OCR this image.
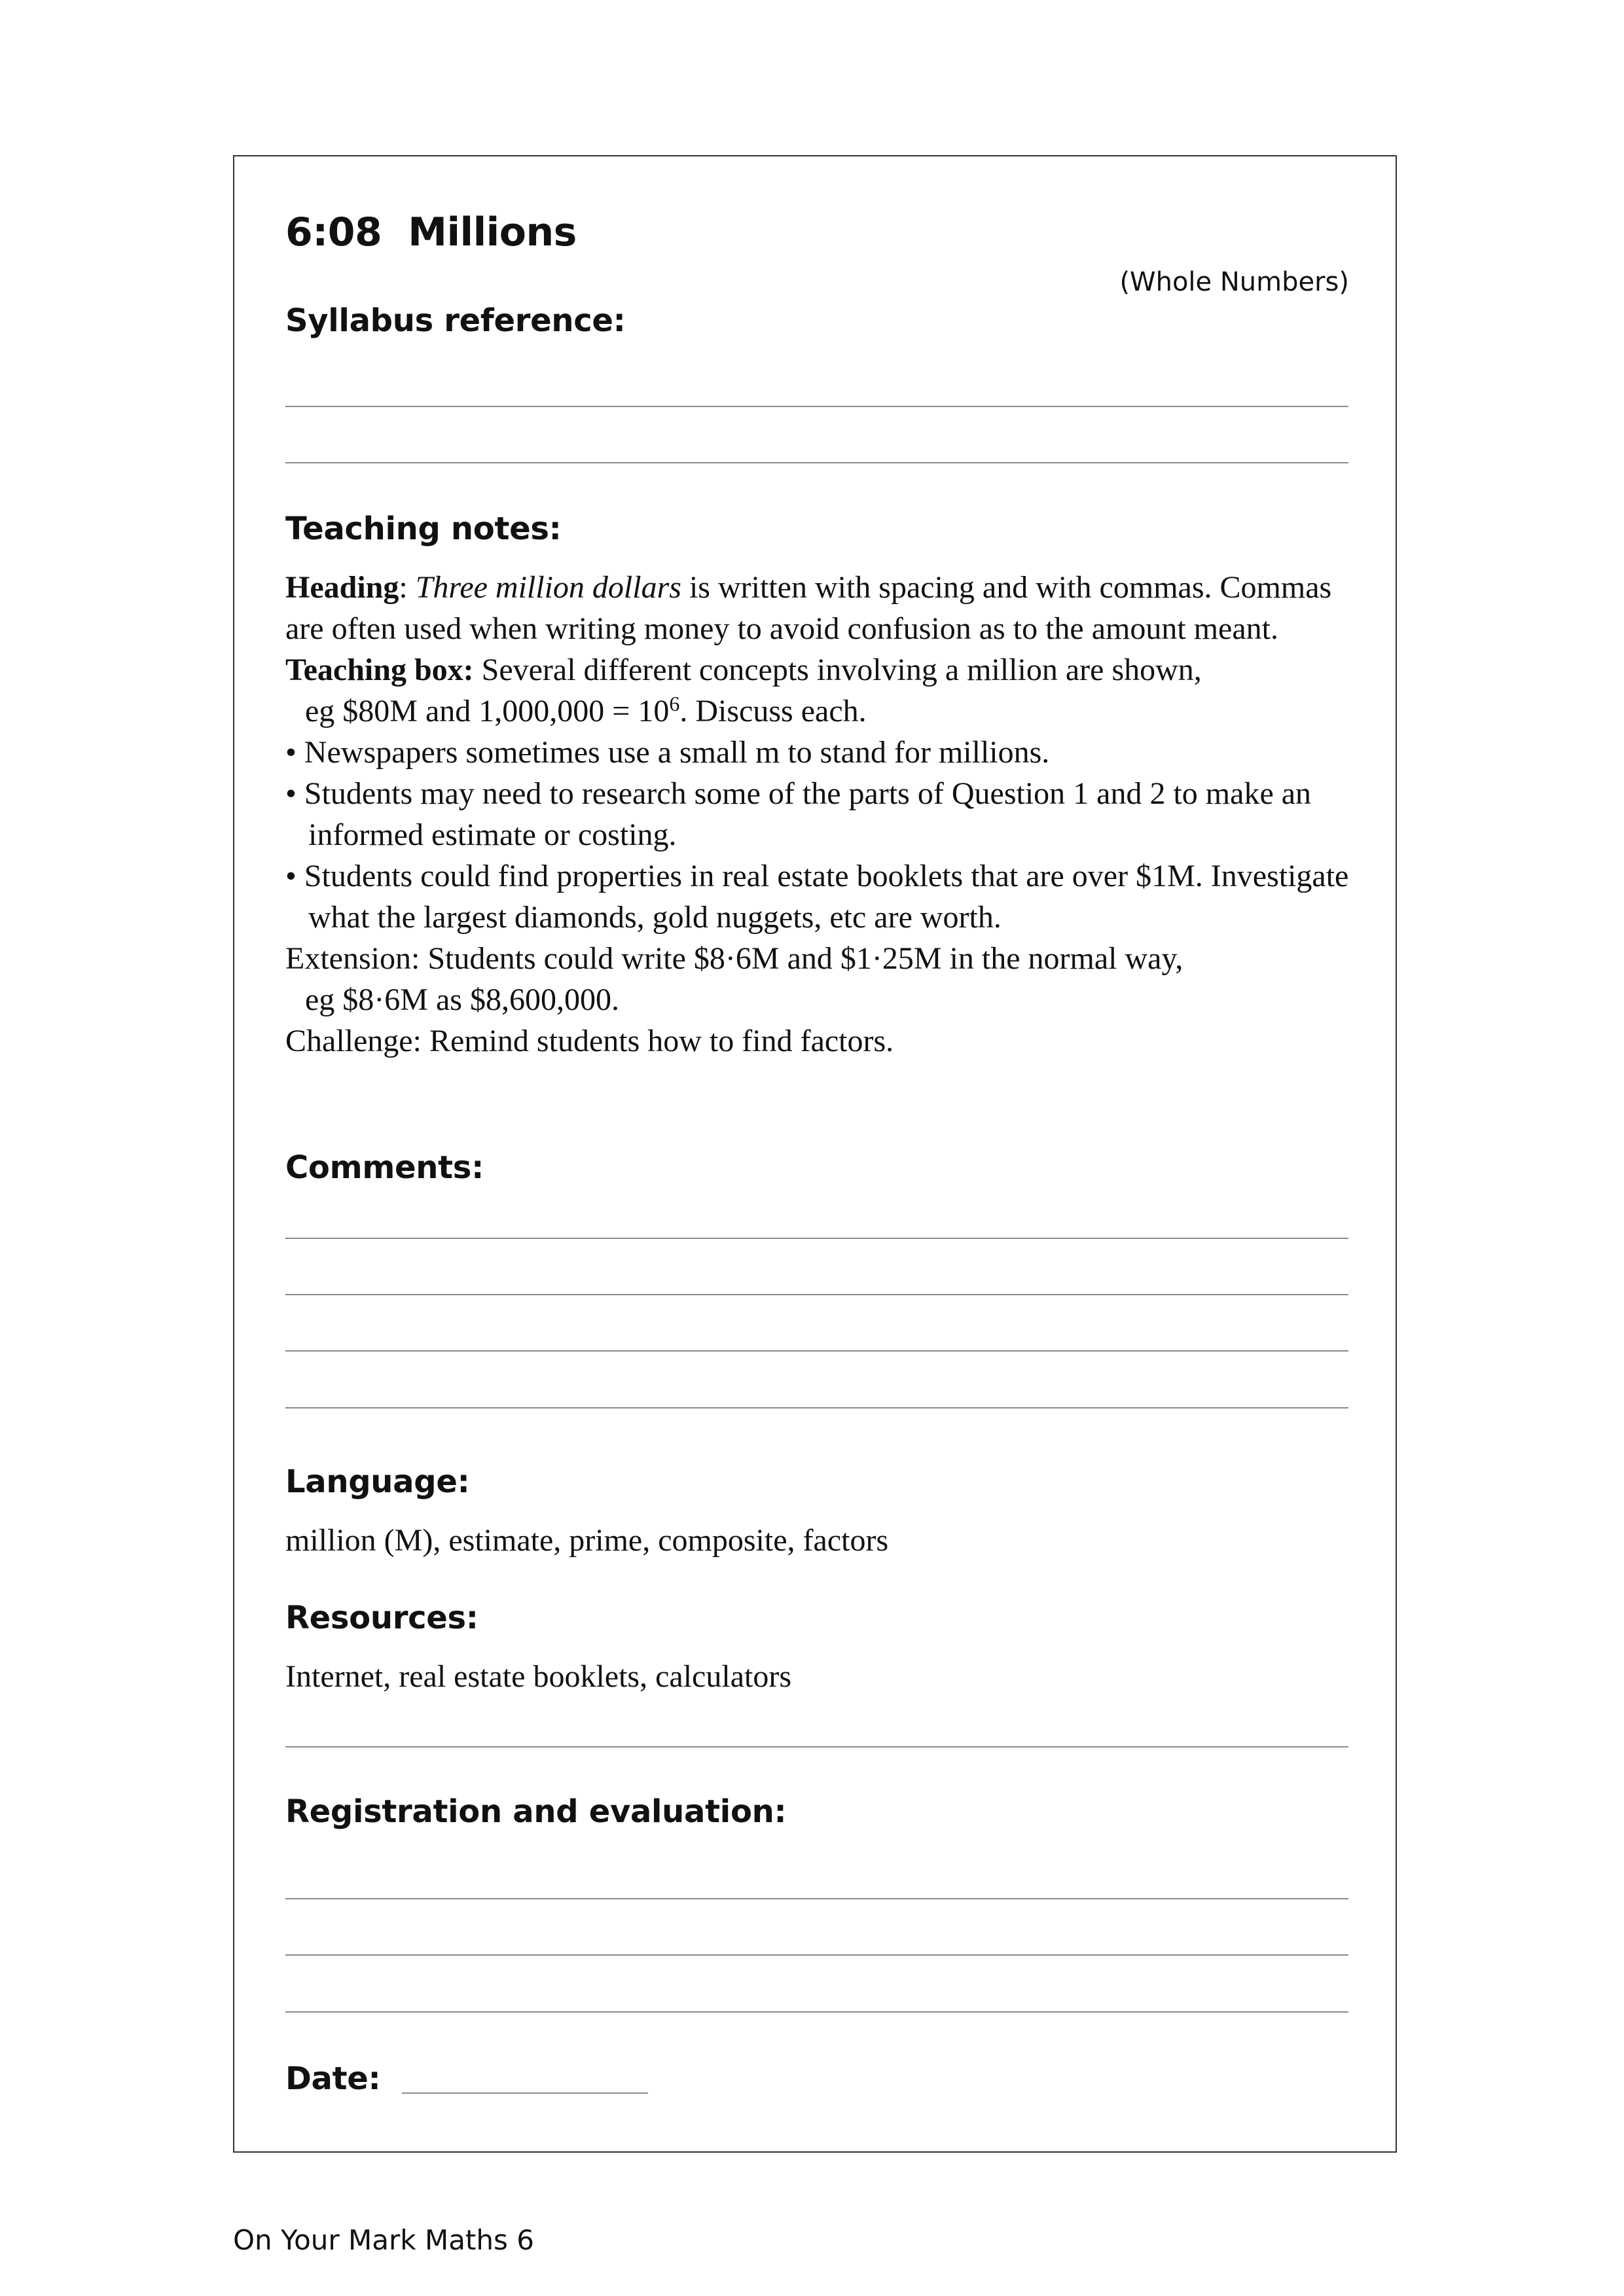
6:08 Millions
(Whole Numbers)
Syllabus reference:
Teaching notes:

Heading: Three million dollars is written with spacing and with commas. Commas are often used when writing money to avoid confusion as to the amount meant.

Teaching box: Several different concepts involving a million are shown,

eg $80M and $1,000,000 = 10^6$. Discuss each.

• Newspapers sometimes use a small m to stand for millions.
• Students may need to research some of the parts of Question 1 and 2 to make an informed estimate or costing.
• Students could find properties in real estate booklets that are over $1M. Investigate what the largest diamonds, gold nuggets, etc are worth.

Extension: Students could write $8·6M and $1·25M in the normal way,

eg $8·6M as $8,600,000.

Challenge: Remind students how to find factors.

Comments:
Language:
million (M), estimate, prime, composite, factors
Resources:
Internet, real estate booklets, calculators
Registration and evaluation:
Date:
On Your Mark Maths 6
